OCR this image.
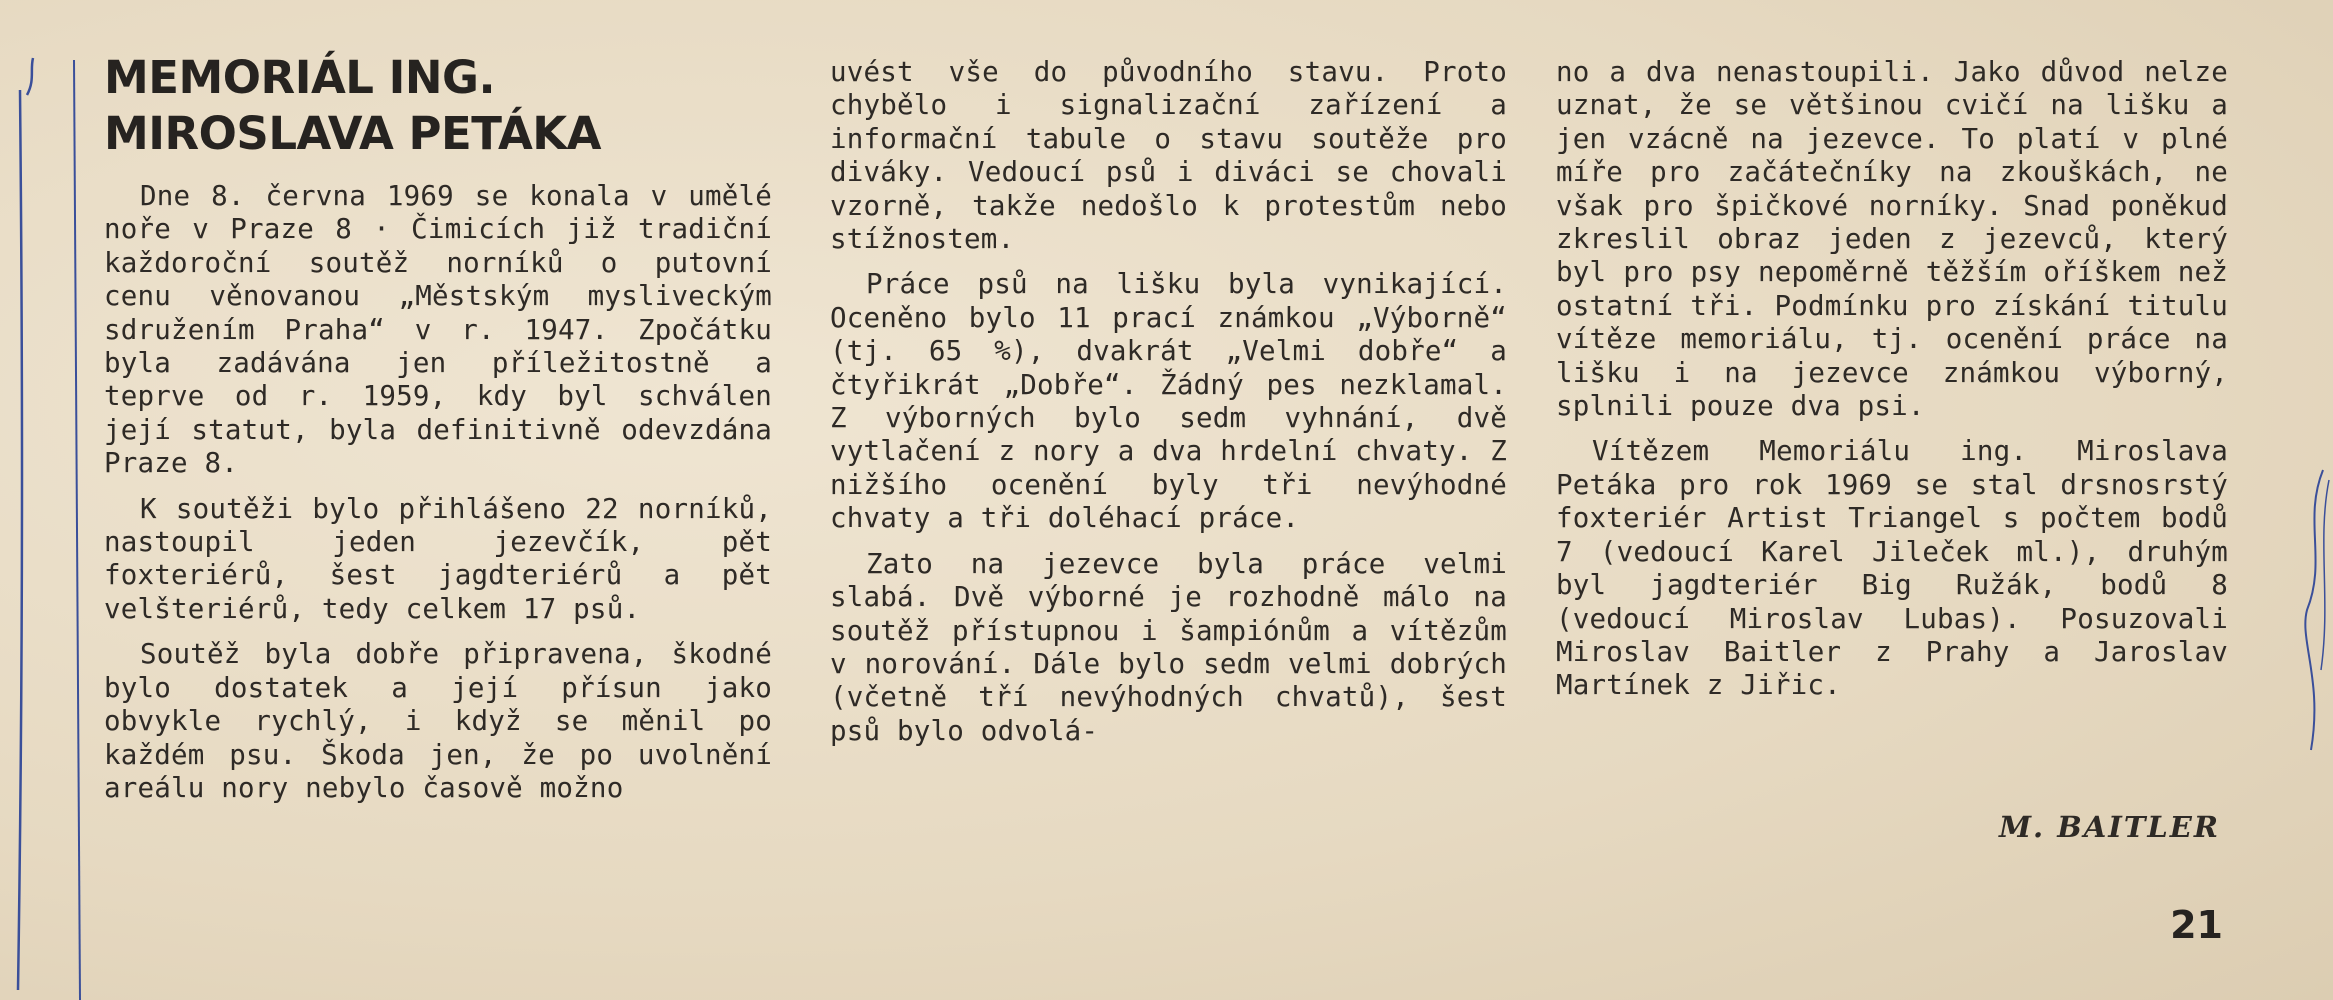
MEMORIÁL ING.
MIROSLAVA PETÁKA

Dne 8. června 1969 se konala v umělé noře v Praze 8 · Čimicích již tradiční každoroční soutěž norníků o putovní cenu věnovanou „Městským mysliveckým sdružením Praha“ v r. 1947. Zpočátku byla zadávána jen příležitostně a teprve od r. 1959, kdy byl schválen její statut, byla definitivně odevzdána Praze 8.

K soutěži bylo přihlášeno 22 norníků, nastoupil jeden jezevčík, pět foxteriérů, šest jagdteriérů a pět velšteriérů, tedy celkem 17 psů.

Soutěž byla dobře připravena, škodné bylo dostatek a její přísun jako obvykle rychlý, i když se měnil po každém psu. Škoda jen, že po uvolnění areálu nory nebylo časově možno

uvést vše do původního stavu. Proto chybělo i signalizační zařízení a informační tabule o stavu soutěže pro diváky. Vedoucí psů i diváci se chovali vzorně, takže nedošlo k protestům nebo stížnostem.

Práce psů na lišku byla vynikající. Oceněno bylo 11 prací známkou „Výborně“ (tj. 65 %), dvakrát „Velmi dobře“ a čtyřikrát „Dobře“. Žádný pes nezklamal. Z výborných bylo sedm vyhnání, dvě vytlačení z nory a dva hrdelní chvaty. Z nižšího ocenění byly tři nevýhodné chvaty a tři doléhací práce.

Zato na jezevce byla práce velmi slabá. Dvě výborné je rozhodně málo na soutěž přístupnou i šampiónům a vítězům v norování. Dále bylo sedm velmi dobrých (včetně tří nevýhodných chvatů), šest psů bylo odvolá-

no a dva nenastoupili. Jako důvod nelze uznat, že se většinou cvičí na lišku a jen vzácně na jezevce. To platí v plné míře pro začátečníky na zkouškách, ne však pro špičkové norníky. Snad poněkud zkreslil obraz jeden z jezevců, který byl pro psy nepoměrně těžším oříškem než ostatní tři. Podmínku pro získání titulu vítěze memoriálu, tj. ocenění práce na lišku i na jezevce známkou výborný, splnili pouze dva psi.

Vítězem Memoriálu ing. Miroslava Petáka pro rok 1969 se stal drsnosrstý foxteriér Artist Triangel s počtem bodů 7 (vedoucí Karel Jileček ml.), druhým byl jagdteriér Big Ružák, bodů 8 (vedoucí Miroslav Lubas). Posuzovali Miroslav Baitler z Prahy a Jaroslav Martínek z Jiřic.

M. BAITLER
21
